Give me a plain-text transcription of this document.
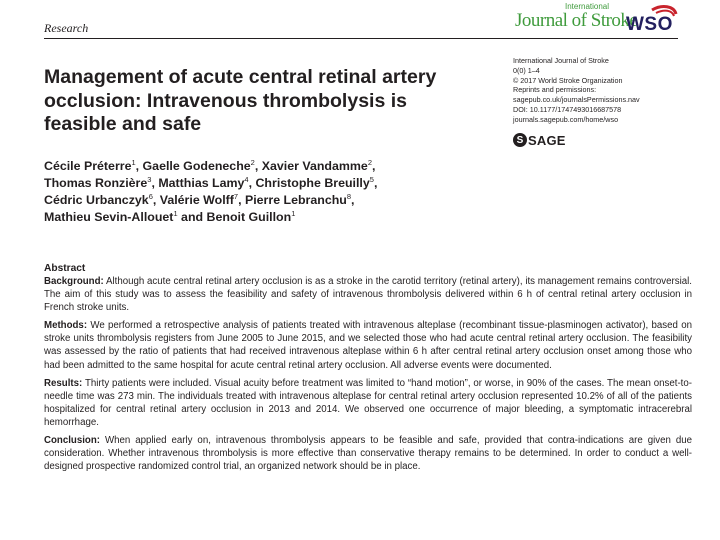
Research
International
Journal of Stroke
WSO
Management of acute central retinal artery occlusion: Intravenous thrombolysis is feasible and safe
International Journal of Stroke
0(0) 1–4
© 2017 World Stroke Organization
Reprints and permissions:
sagepub.co.uk/journalsPermissions.nav
DOI: 10.1177/1747493016687578
journals.sagepub.com/home/wso
S SAGE
Cécile Préterre$^1$, Gaelle Godeneche$^2$, Xavier Vandamme$^2$,
Thomas Ronzière$^3$, Matthias Lamy$^4$, Christophe Breuilly$^5$,
Cédric Urbanczyk$^6$, Valérie Wolff$^7$, Pierre Lebranchu$^8$,
Mathieu Sevin-Allouet$^1$ and Benoit Guillon$^1$
Abstract
Background: Although acute central retinal artery occlusion is as a stroke in the carotid territory (retinal artery), its management remains controversial. The aim of this study was to assess the feasibility and safety of intravenous thrombolysis delivered within 6 h of central retinal artery occlusion in French stroke units.
Methods: We performed a retrospective analysis of patients treated with intravenous alteplase (recombinant tissue-plasminogen activator), based on stroke units thrombolysis registers from June 2005 to June 2015, and we selected those who had acute central retinal artery occlusion. The feasibility was assessed by the ratio of patients that had received intravenous alteplase within 6 h after central retinal artery occlusion onset among those who had been admitted to the same hospital for acute central retinal artery occlusion. All adverse events were documented.
Results: Thirty patients were included. Visual acuity before treatment was limited to “hand motion”, or worse, in 90% of the cases. The mean onset-to-needle time was 273 min. The individuals treated with intravenous alteplase for central retinal artery occlusion represented 10.2% of all of the patients hospitalized for central retinal artery occlusion in 2013 and 2014. We observed one occurrence of major bleeding, a symptomatic intracerebral hemorrhage.
Conclusion: When applied early on, intravenous thrombolysis appears to be feasible and safe, provided that contra-indications are given due consideration. Whether intravenous thrombolysis is more effective than conservative therapy remains to be determined. In order to conduct a well-designed prospective randomized control trial, an organized network should be in place.
